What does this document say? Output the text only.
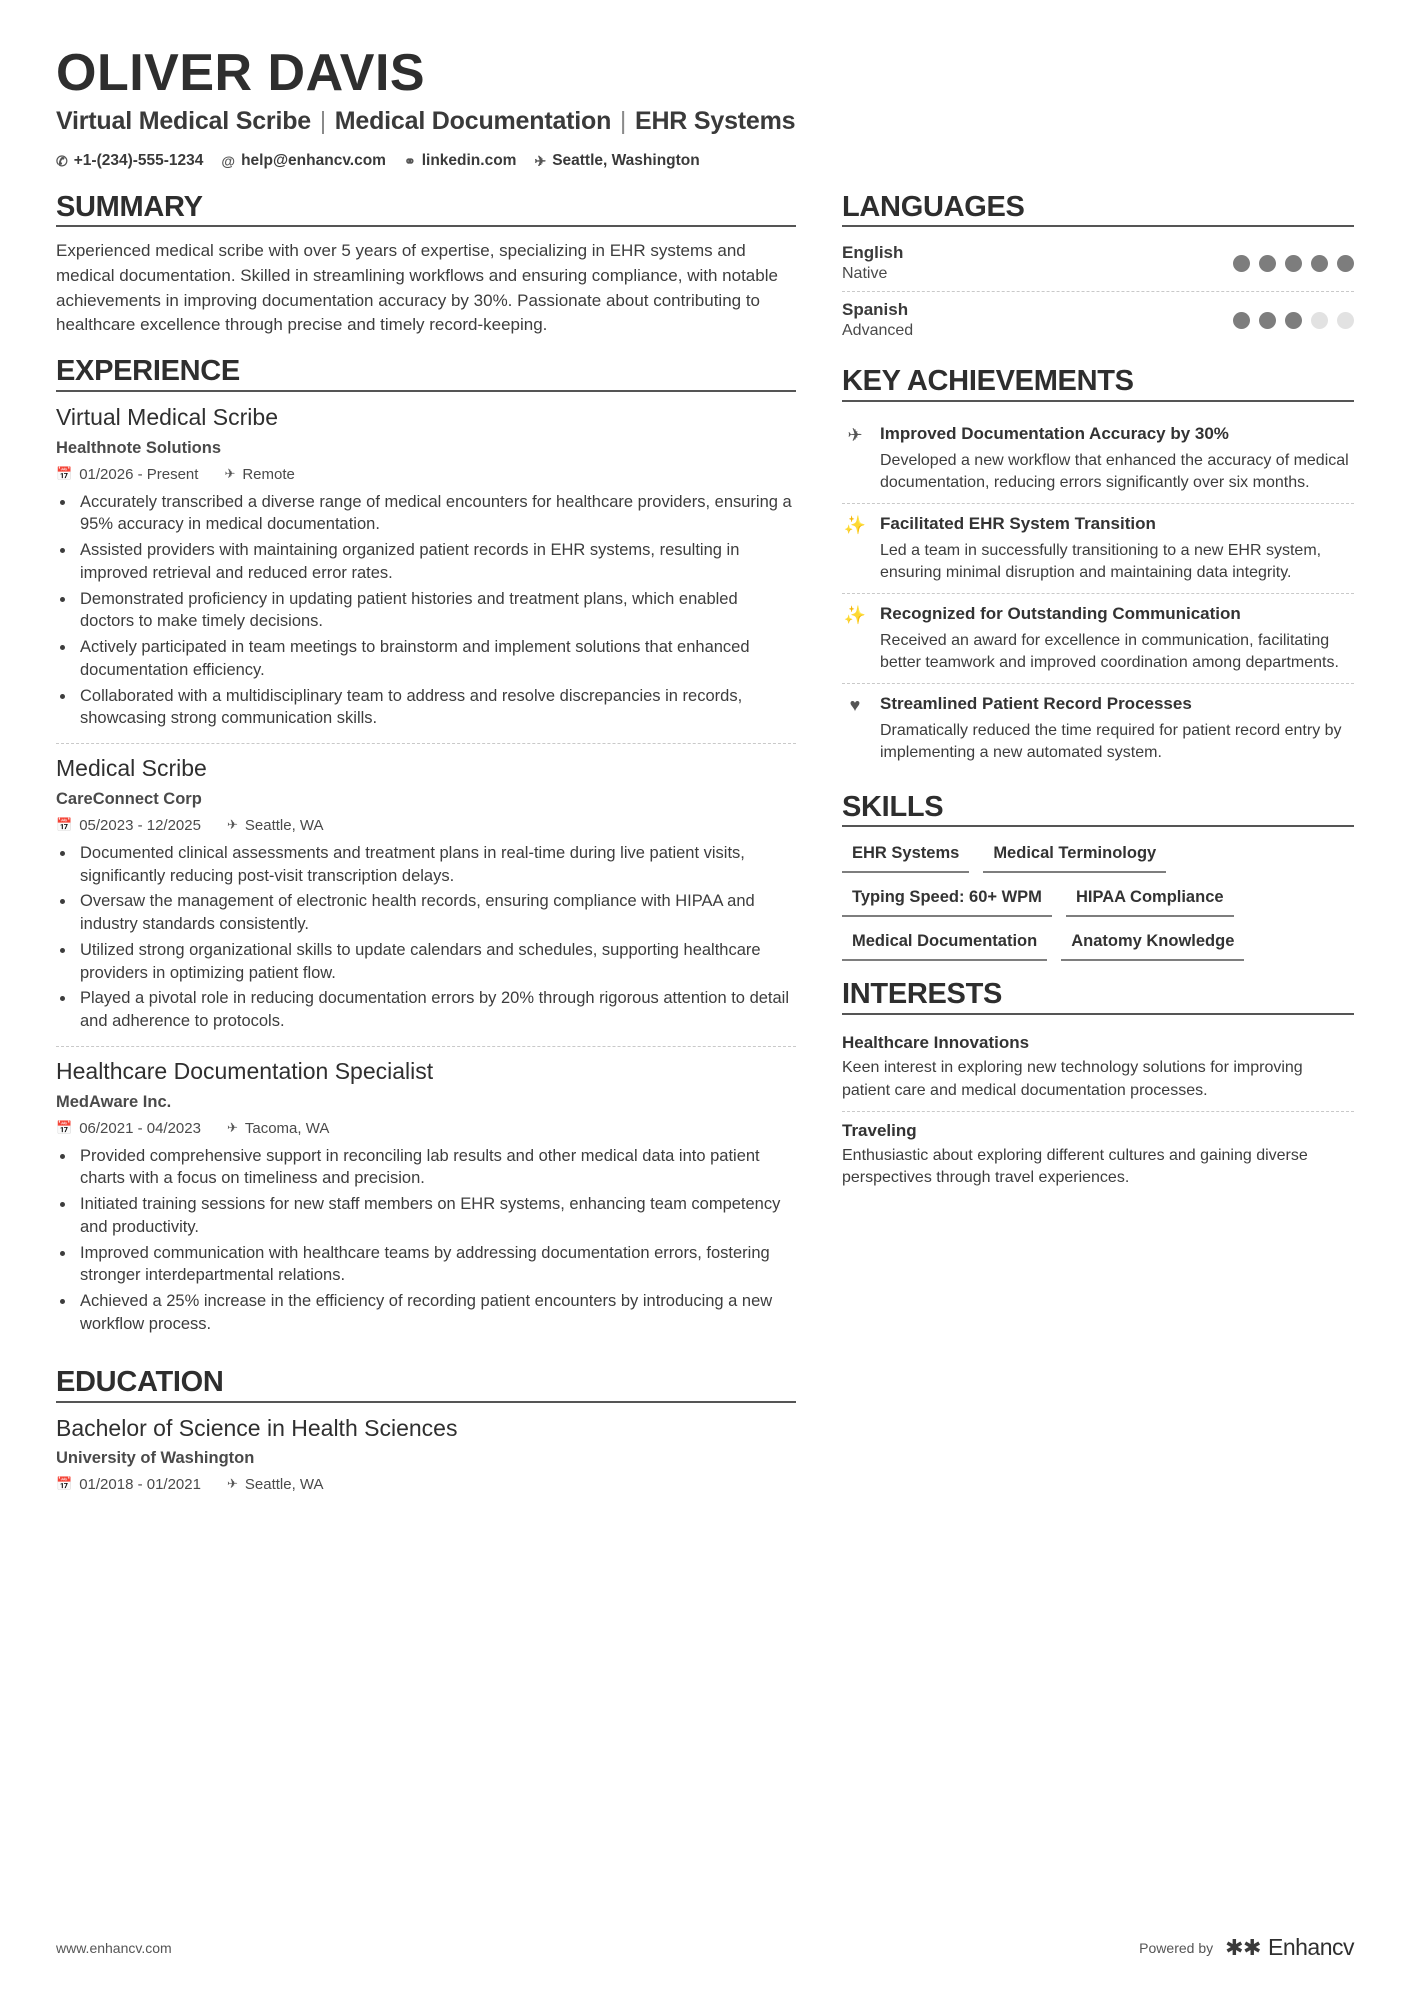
OLIVER DAVIS
Virtual Medical Scribe | Medical Documentation | EHR Systems
✆ +1-(234)-555-1234 @ help@enhancv.com ⚭ linkedin.com ✈ Seattle, Washington
SUMMARY

Experienced medical scribe with over 5 years of expertise, specializing in EHR systems and medical documentation. Skilled in streamlining workflows and ensuring compliance, with notable achievements in improving documentation accuracy by 30%. Passionate about contributing to healthcare excellence through precise and timely record-keeping.

EXPERIENCE
Virtual Medical Scribe
Healthnote Solutions
📅 01/2026 - Present ✈ Remote
• Accurately transcribed a diverse range of medical encounters for healthcare providers, ensuring a 95% accuracy in medical documentation.
• Assisted providers with maintaining organized patient records in EHR systems, resulting in improved retrieval and reduced error rates.
• Demonstrated proficiency in updating patient histories and treatment plans, which enabled doctors to make timely decisions.
• Actively participated in team meetings to brainstorm and implement solutions that enhanced documentation efficiency.
• Collaborated with a multidisciplinary team to address and resolve discrepancies in records, showcasing strong communication skills.
Medical Scribe
CareConnect Corp
📅 05/2023 - 12/2025 ✈ Seattle, WA
• Documented clinical assessments and treatment plans in real-time during live patient visits, significantly reducing post-visit transcription delays.
• Oversaw the management of electronic health records, ensuring compliance with HIPAA and industry standards consistently.
• Utilized strong organizational skills to update calendars and schedules, supporting healthcare providers in optimizing patient flow.
• Played a pivotal role in reducing documentation errors by 20% through rigorous attention to detail and adherence to protocols.
Healthcare Documentation Specialist
MedAware Inc.
📅 06/2021 - 04/2023 ✈ Tacoma, WA
• Provided comprehensive support in reconciling lab results and other medical data into patient charts with a focus on timeliness and precision.
• Initiated training sessions for new staff members on EHR systems, enhancing team competency and productivity.
• Improved communication with healthcare teams by addressing documentation errors, fostering stronger interdepartmental relations.
• Achieved a 25% increase in the efficiency of recording patient encounters by introducing a new workflow process.
EDUCATION
Bachelor of Science in Health Sciences
University of Washington
📅 01/2018 - 01/2021 ✈ Seattle, WA
LANGUAGES
English
Native
Spanish
Advanced
KEY ACHIEVEMENTS
✈	Improved Documentation Accuracy by 30%
Developed a new workflow that enhanced the accuracy of medical documentation, reducing errors significantly over six months.
✨ Facilitated EHR System Transition
Led a team in successfully transitioning to a new EHR system, ensuring minimal disruption and maintaining data integrity.
✨ Recognized for Outstanding Communication
Received an award for excellence in communication, facilitating better teamwork and improved coordination among departments.
♥	Streamlined Patient Record Processes
Dramatically reduced the time required for patient record entry by implementing a new automated system.
SKILLS
EHR Systems	Medical Terminology
Typing Speed: 60+ WPM	HIPAA Compliance
Medical Documentation	Anatomy Knowledge
INTERESTS
Healthcare Innovations
Keen interest in exploring new technology solutions for improving patient care and medical documentation processes.
Traveling
Enthusiastic about exploring different cultures and gaining diverse perspectives through travel experiences.
www.enhancv.com	Powered by ✱✱ Enhancv
